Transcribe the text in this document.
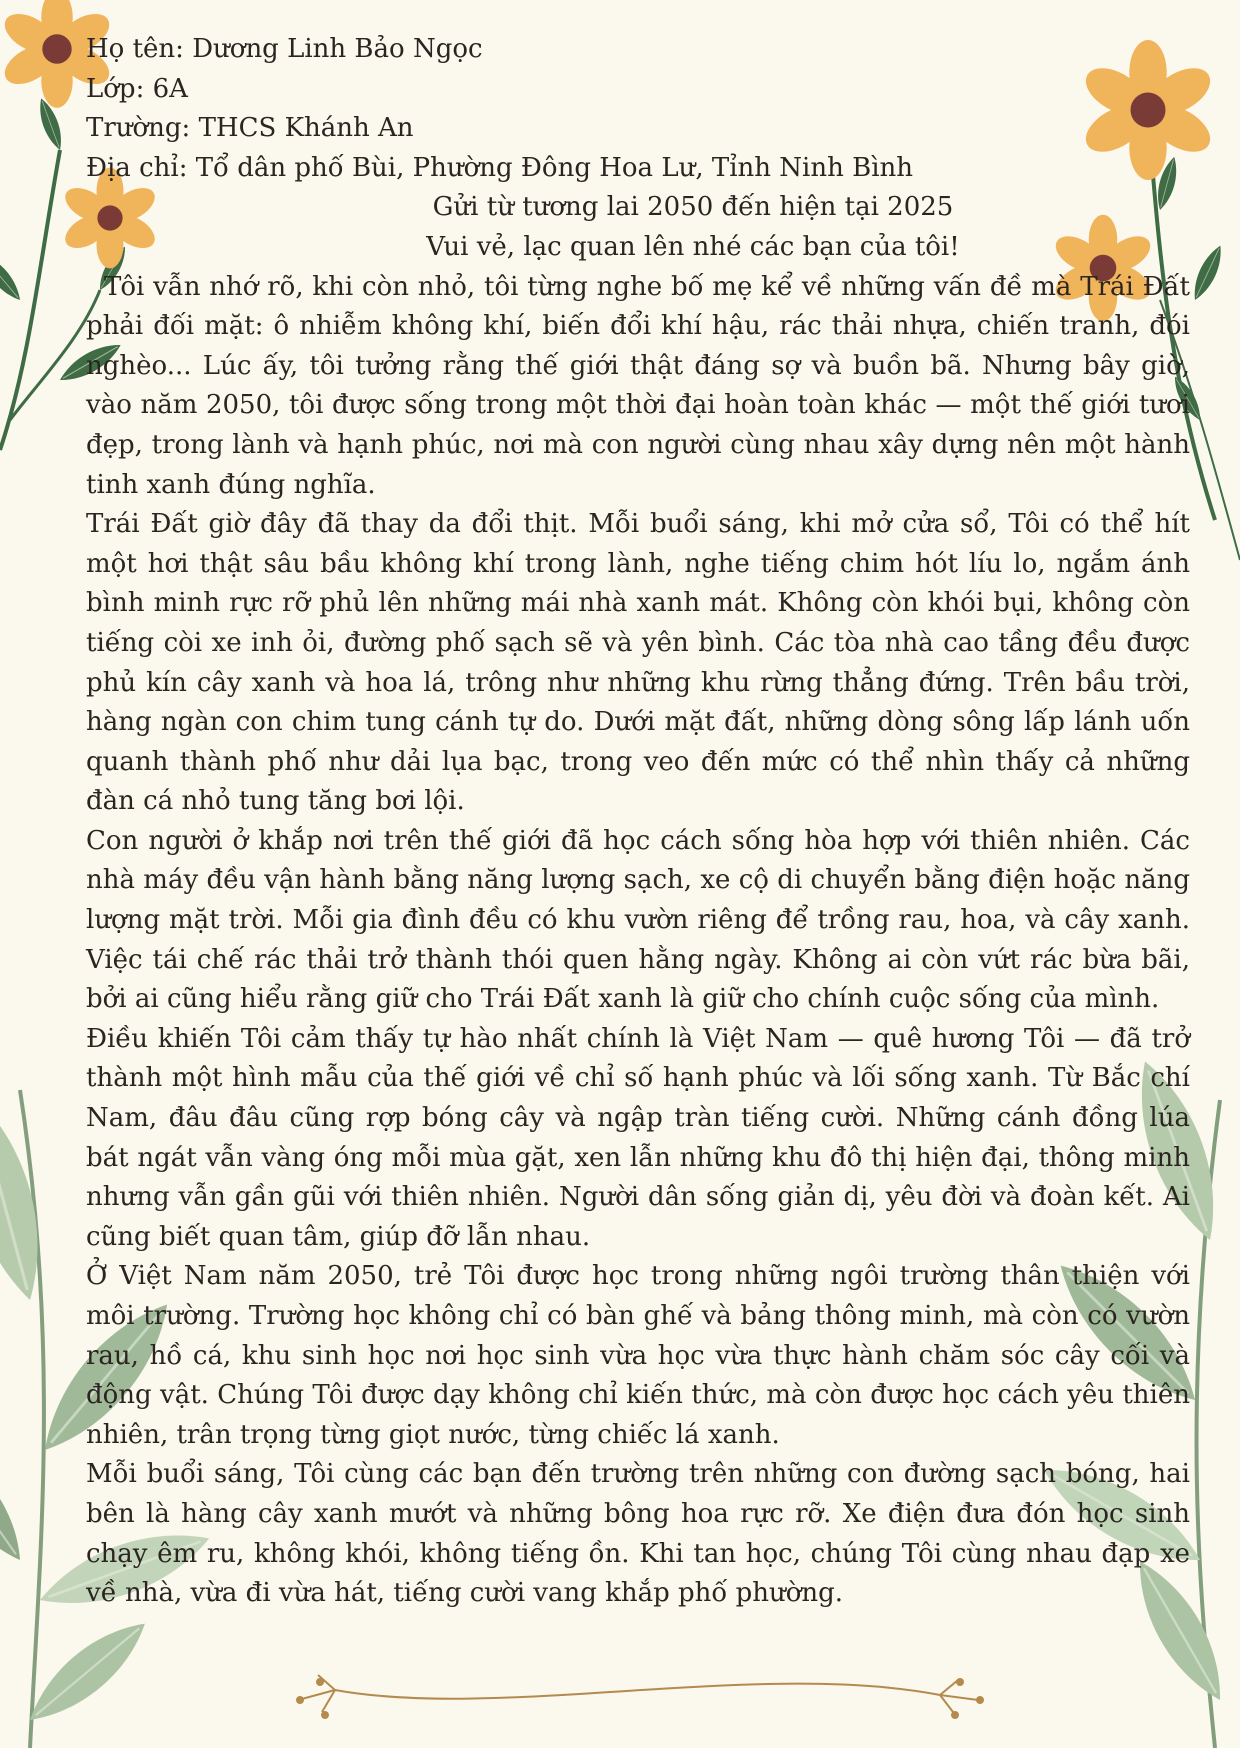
Họ tên: Dương Linh Bảo Ngọc

Lớp: 6A

Trường: THCS Khánh An

Địa chỉ: Tổ dân phố Bùi, Phường Đông Hoa Lư, Tỉnh Ninh Bình

Gửi từ tương lai 2050 đến hiện tại 2025

Vui vẻ, lạc quan lên nhé các bạn của tôi!

Tôi vẫn nhớ rõ, khi còn nhỏ, tôi từng nghe bố mẹ kể về những vấn đề mà Trái Đất phải đối mặt: ô nhiễm không khí, biến đổi khí hậu, rác thải nhựa, chiến tranh, đói nghèo... Lúc ấy, tôi tưởng rằng thế giới thật đáng sợ và buồn bã. Nhưng bây giờ, vào năm 2050, tôi được sống trong một thời đại hoàn toàn khác — một thế giới tươi đẹp, trong lành và hạnh phúc, nơi mà con người cùng nhau xây dựng nên một hành tinh xanh đúng nghĩa.

Trái Đất giờ đây đã thay da đổi thịt. Mỗi buổi sáng, khi mở cửa sổ, Tôi có thể hít một hơi thật sâu bầu không khí trong lành, nghe tiếng chim hót líu lo, ngắm ánh bình minh rực rỡ phủ lên những mái nhà xanh mát. Không còn khói bụi, không còn tiếng còi xe inh ỏi, đường phố sạch sẽ và yên bình. Các tòa nhà cao tầng đều được phủ kín cây xanh và hoa lá, trông như những khu rừng thẳng đứng. Trên bầu trời, hàng ngàn con chim tung cánh tự do. Dưới mặt đất, những dòng sông lấp lánh uốn quanh thành phố như dải lụa bạc, trong veo đến mức có thể nhìn thấy cả những đàn cá nhỏ tung tăng bơi lội.

Con người ở khắp nơi trên thế giới đã học cách sống hòa hợp với thiên nhiên. Các nhà máy đều vận hành bằng năng lượng sạch, xe cộ di chuyển bằng điện hoặc năng lượng mặt trời. Mỗi gia đình đều có khu vườn riêng để trồng rau, hoa, và cây xanh. Việc tái chế rác thải trở thành thói quen hằng ngày. Không ai còn vứt rác bừa bãi, bởi ai cũng hiểu rằng giữ cho Trái Đất xanh là giữ cho chính cuộc sống của mình.

Điều khiến Tôi cảm thấy tự hào nhất chính là Việt Nam — quê hương Tôi — đã trở thành một hình mẫu của thế giới về chỉ số hạnh phúc và lối sống xanh. Từ Bắc chí Nam, đâu đâu cũng rợp bóng cây và ngập tràn tiếng cười. Những cánh đồng lúa bát ngát vẫn vàng óng mỗi mùa gặt, xen lẫn những khu đô thị hiện đại, thông minh nhưng vẫn gần gũi với thiên nhiên. Người dân sống giản dị, yêu đời và đoàn kết. Ai cũng biết quan tâm, giúp đỡ lẫn nhau.

Ở Việt Nam năm 2050, trẻ Tôi được học trong những ngôi trường thân thiện với môi trường. Trường học không chỉ có bàn ghế và bảng thông minh, mà còn có vườn rau, hồ cá, khu sinh học nơi học sinh vừa học vừa thực hành chăm sóc cây cối và động vật. Chúng Tôi được dạy không chỉ kiến thức, mà còn được học cách yêu thiên nhiên, trân trọng từng giọt nước, từng chiếc lá xanh.

Mỗi buổi sáng, Tôi cùng các bạn đến trường trên những con đường sạch bóng, hai bên là hàng cây xanh mướt và những bông hoa rực rỡ. Xe điện đưa đón học sinh chạy êm ru, không khói, không tiếng ồn. Khi tan học, chúng Tôi cùng nhau đạp xe về nhà, vừa đi vừa hát, tiếng cười vang khắp phố phường.
